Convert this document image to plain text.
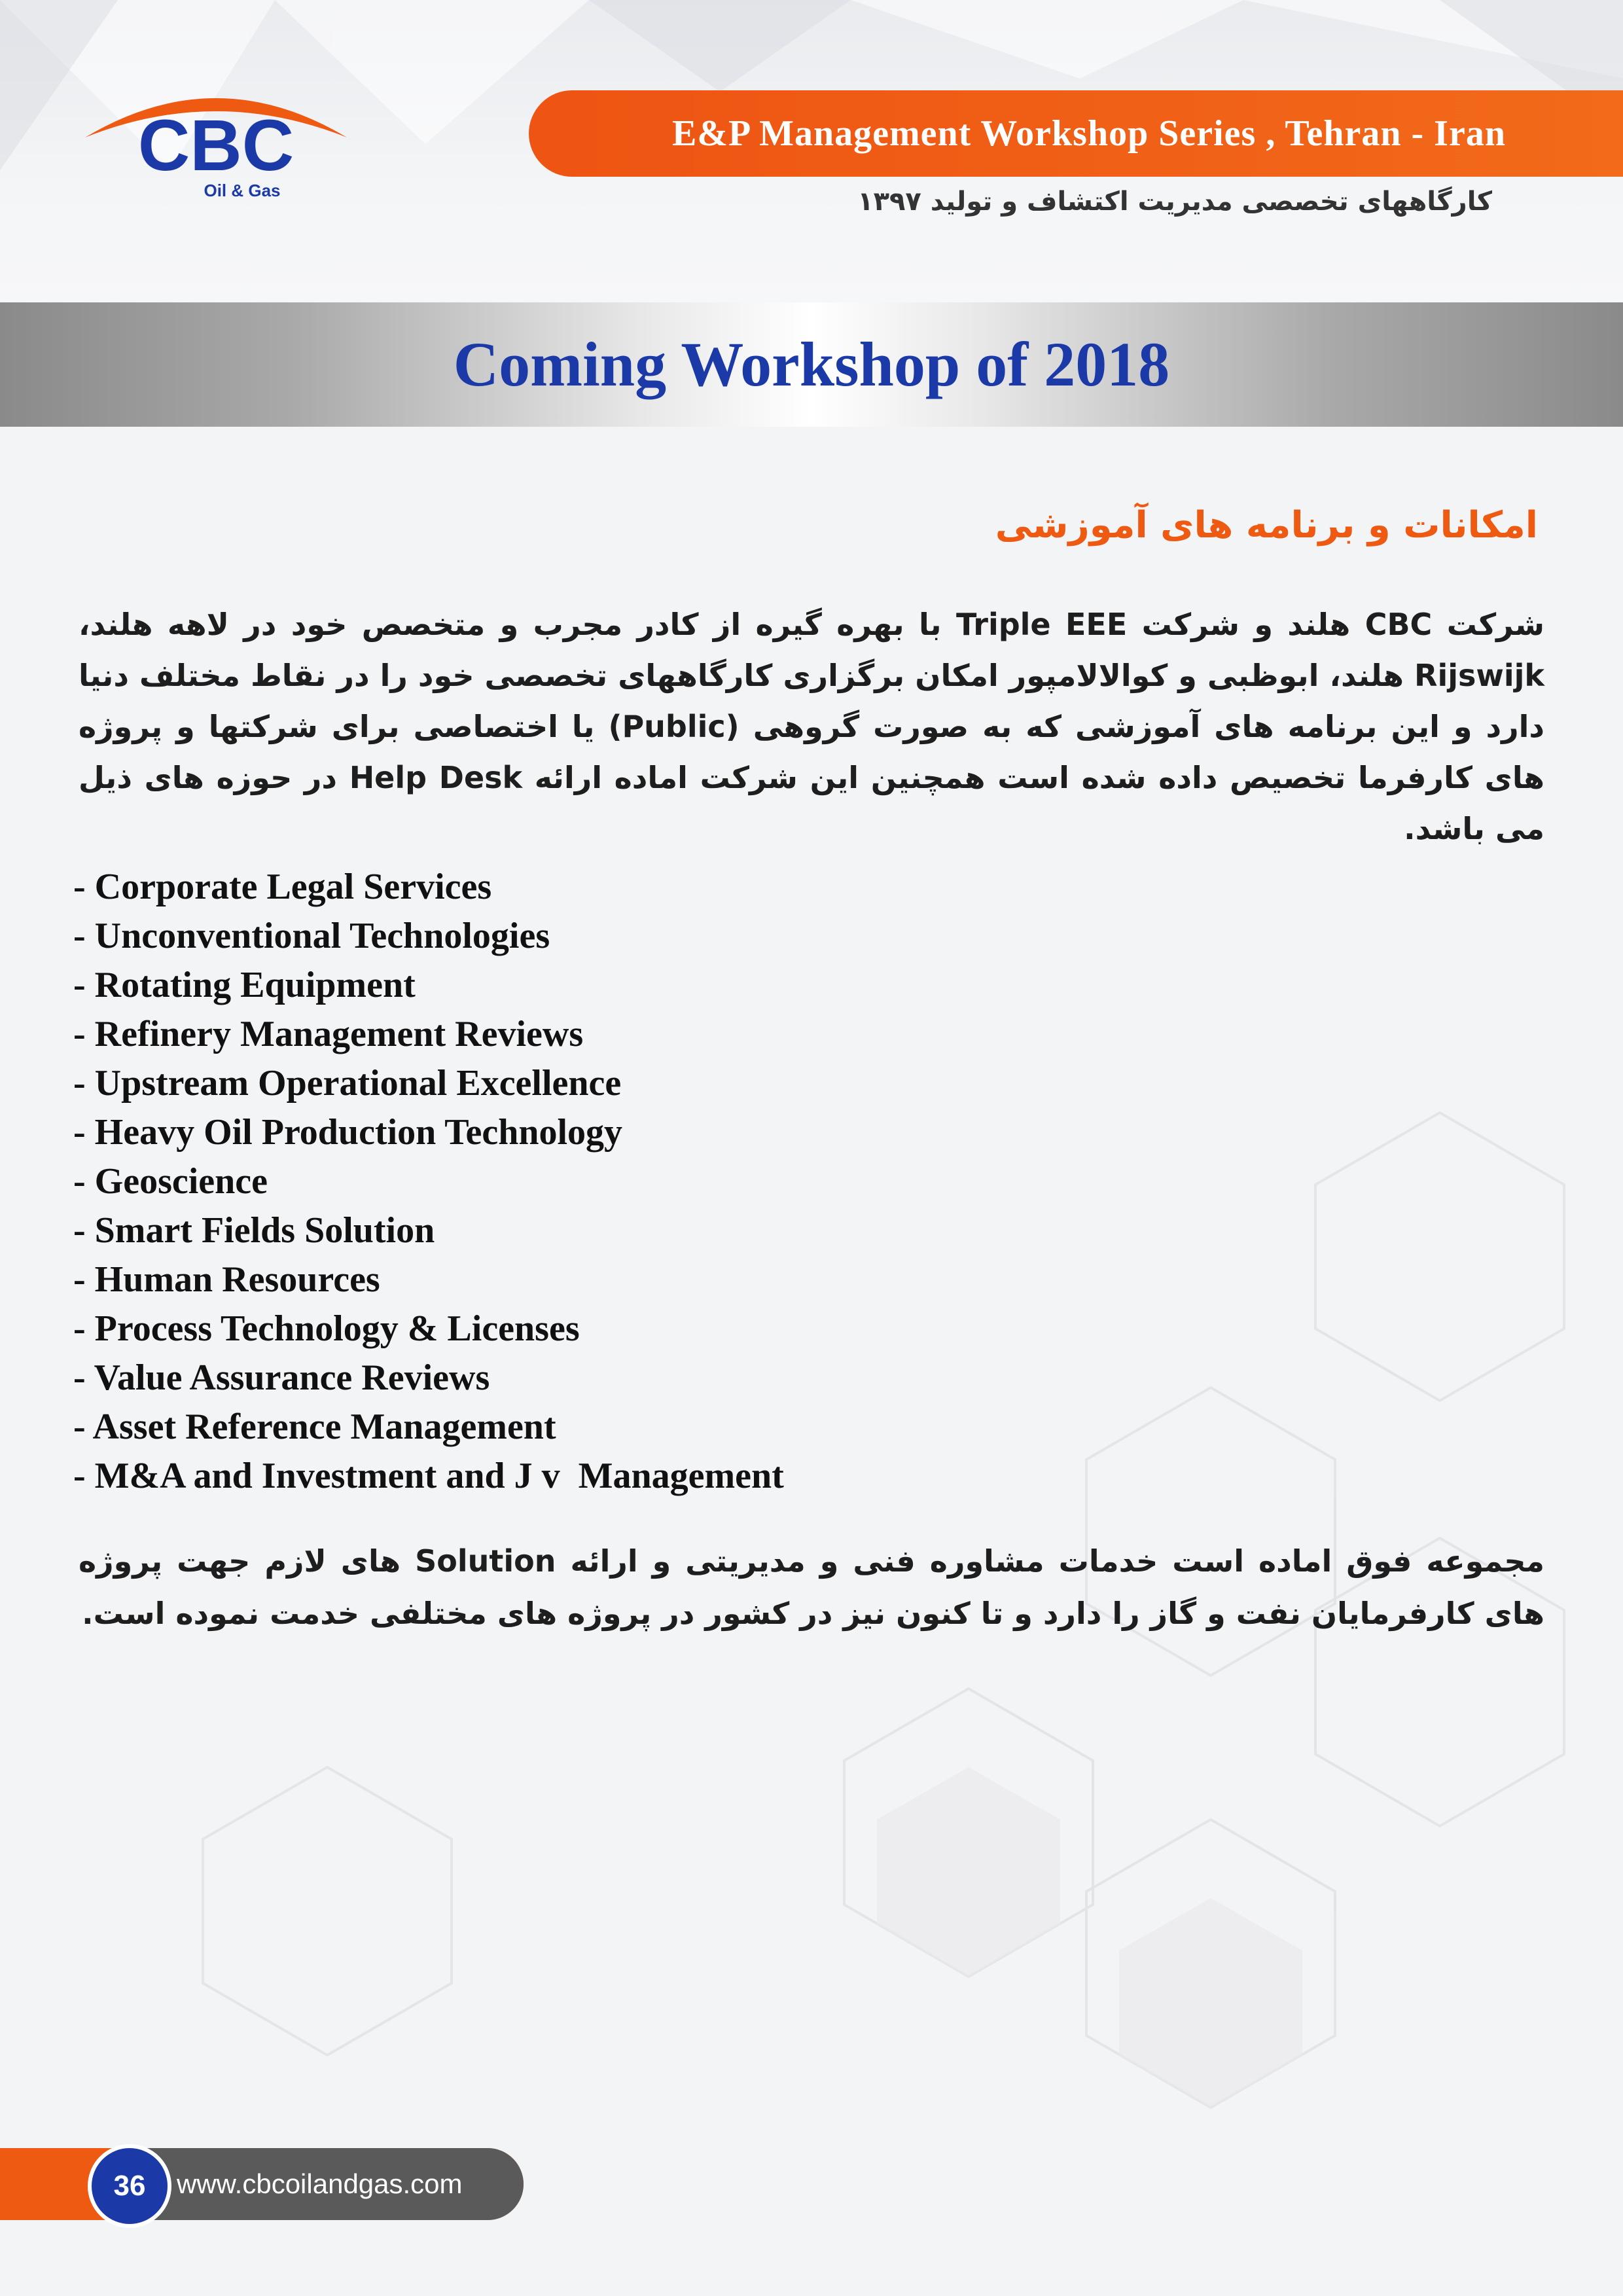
CBC
Oil & Gas
E&P Management Workshop Series , Tehran - Iran
کارگاههای تخصصی مدیریت اکتشاف و تولید ۱۳۹۷
Coming Workshop of 2018
امکانات و برنامه های آموزشی
شرکت CBC هلند و شرکت Triple EEE با بهره گیره از کادر مجرب و متخصص خود در لاهه هلند، Rijswijk هلند، ابوظبی و کوالالامپور امکان برگزاری کارگاههای تخصصی خود را در نقاط مختلف دنیا دارد و این برنامه های آموزشی که به صورت گروهی (Public) یا اختصاصی برای شرکتها و پروژه های کارفرما تخصیص داده شده است همچنین این شرکت اماده ارائه Help Desk در حوزه های ذیل می باشد.
- Corporate Legal Services
- Unconventional Technologies
- Rotating Equipment
- Refinery Management Reviews
- Upstream Operational Excellence
- Heavy Oil Production Technology
- Geoscience
- Smart Fields Solution
- Human Resources
- Process Technology & Licenses
- Value Assurance Reviews
- Asset Reference Management
- M&A and Investment and J v  Management
مجموعه فوق اماده است خدمات مشاوره فنی و مدیریتی و ارائه Solution های لازم جهت پروژه های کارفرمایان نفت و گاز را دارد و تا کنون نیز در کشور در پروژه های مختلفی خدمت نموده است.
36	www.cbcoilandgas.com
